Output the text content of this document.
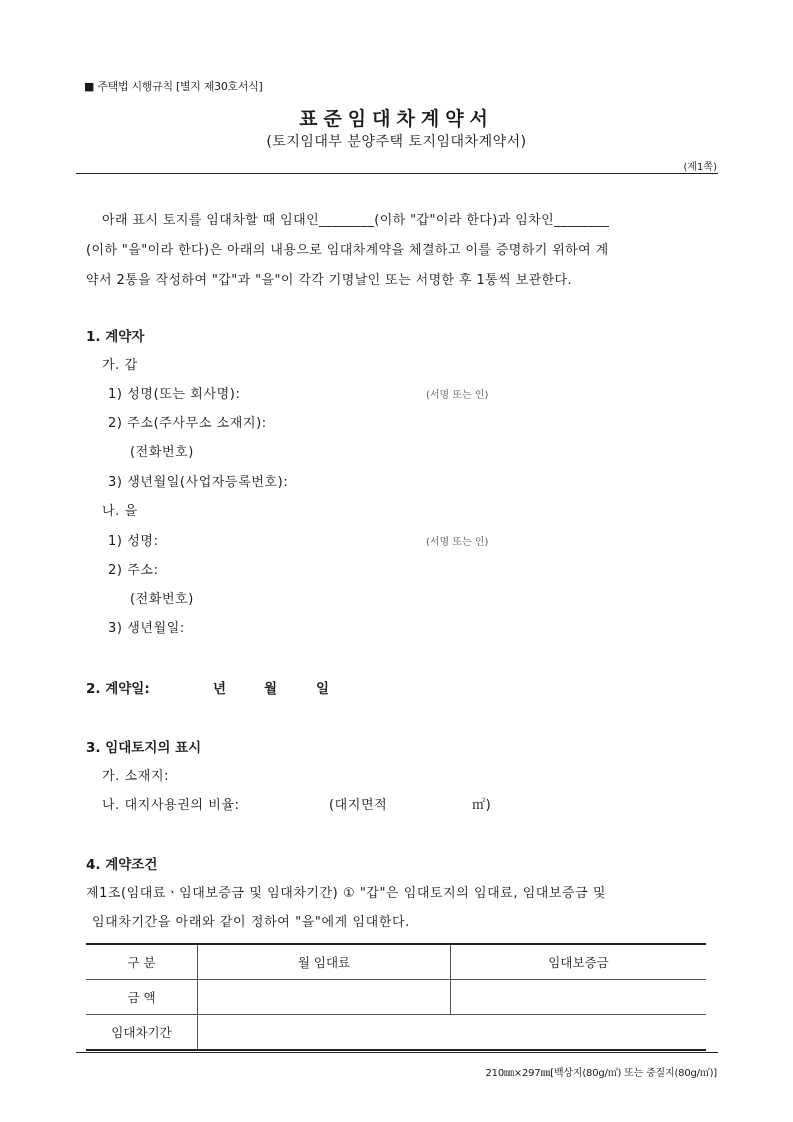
■ 주택법 시행규칙 [별지 제30호서식]
표준임대차계약서
(토지임대부 분양주택 토지임대차계약서)
(제1쪽)

아래 표시 토지를 임대차할 때 임대인________(이하 "갑"이라 한다)과 임차인________

(이하 "을"이라 한다)은 아래의 내용으로 임대차계약을 체결하고 이를 증명하기 위하여 계

약서 2통을 작성하여 "갑"과 "을"이 각각 기명날인 또는 서명한 후 1통씩 보관한다.

1. 계약자
가. 갑
1) 성명(또는 회사명):	(서명 또는 인)
2) 주소(주사무소 소재지):
(전화번호)
3) 생년월일(사업자등록번호):
나. 을
1) 성명:	(서명 또는 인)
2) 주소:
(전화번호)
3) 생년월일:
2. 계약일:	년	월	일
3. 임대토지의 표시
가. 소재지:
나. 대지사용권의 비율:	(대지면적	㎡)
4. 계약조건
제1조(임대료ㆍ임대보증금 및 임대차기간) ① "갑"은 임대토지의 임대료, 임대보증금 및
임대차기간을 아래와 같이 정하여 "을"에게 임대한다.
구 분	월 임대료	임대보증금
금 액		
임대차기간		
210㎜×297㎜[백상지(80g/㎡) 또는 중질지(80g/㎡)]
